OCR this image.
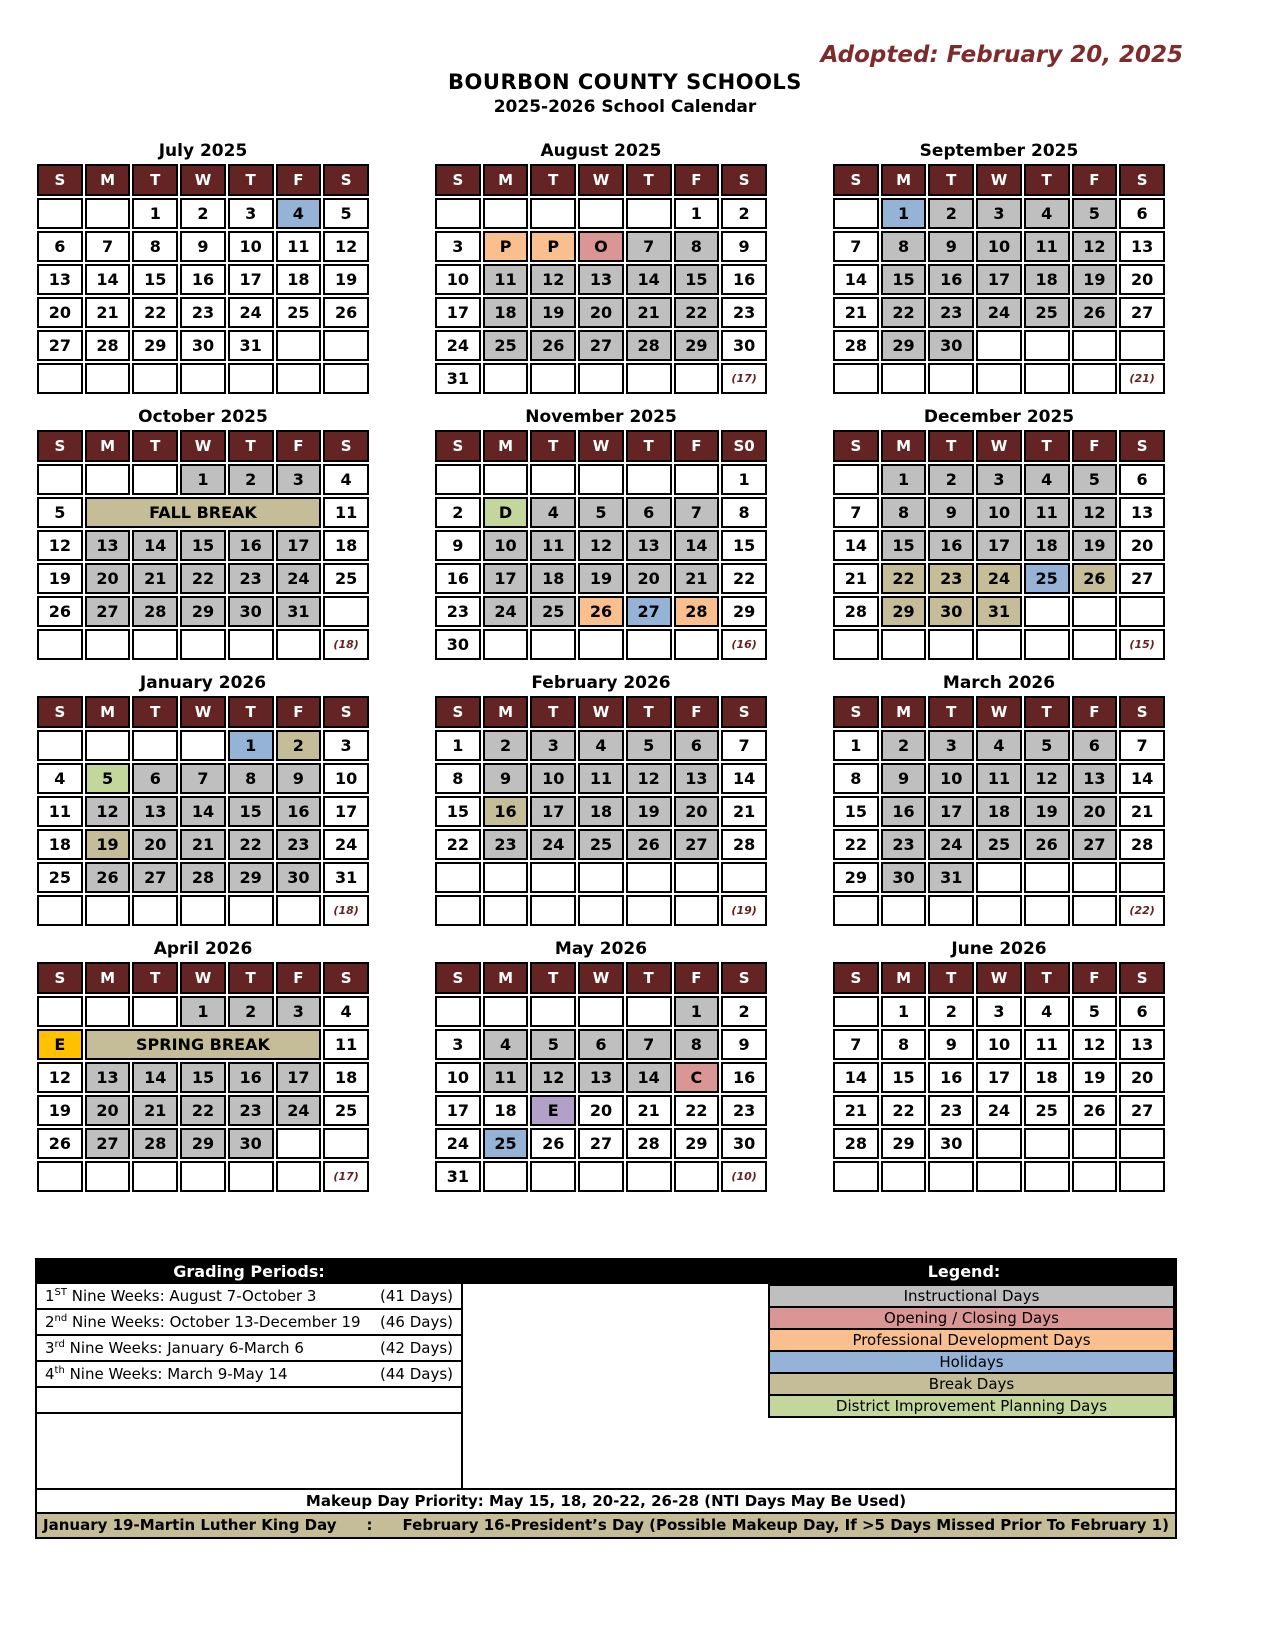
Adopted: February 20, 2025
BOURBON COUNTY SCHOOLS
2025-2026 School Calendar
July 2025
S	M	T	W	T	F	S
		1	2	3	4	5
6	7	8	9	10	11	12
13	14	15	16	17	18	19
20	21	22	23	24	25	26
27	28	29	30	31		

August 2025
S	M	T	W	T	F	S
					1	2
3	P	P	O	7	8	9
10	11	12	13	14	15	16
17	18	19	20	21	22	23
24	25	26	27	28	29	30
31						(17)
September 2025
S	M	T	W	T	F	S
	1	2	3	4	5	6
7	8	9	10	11	12	13
14	15	16	17	18	19	20
21	22	23	24	25	26	27
28	29	30				
						(21)
October 2025
S	M	T	W	T	F	S
			1	2	3	4
5	FALL BREAK					11
12	13	14	15	16	17	18
19	20	21	22	23	24	25
26	27	28	29	30	31	
						(18)
November 2025
S	M	T	W	T	F	S0
						1
2	D	4	5	6	7	8
9	10	11	12	13	14	15
16	17	18	19	20	21	22
23	24	25	26	27	28	29
30						(16)
December 2025
S	M	T	W	T	F	S
	1	2	3	4	5	6
7	8	9	10	11	12	13
14	15	16	17	18	19	20
21	22	23	24	25	26	27
28	29	30	31			
						(15)
January 2026
S	M	T	W	T	F	S
				1	2	3
4	5	6	7	8	9	10
11	12	13	14	15	16	17
18	19	20	21	22	23	24
25	26	27	28	29	30	31
						(18)
February 2026
S	M	T	W	T	F	S
1	2	3	4	5	6	7
8	9	10	11	12	13	14
15	16	17	18	19	20	21
22	23	24	25	26	27	28

						(19)
March 2026
S	M	T	W	T	F	S
1	2	3	4	5	6	7
8	9	10	11	12	13	14
15	16	17	18	19	20	21
22	23	24	25	26	27	28
29	30	31				
						(22)
April 2026
S	M	T	W	T	F	S
			1	2	3	4
E	SPRING BREAK					11
12	13	14	15	16	17	18
19	20	21	22	23	24	25
26	27	28	29	30		
						(17)
May 2026
S	M	T	W	T	F	S
					1	2
3	4	5	6	7	8	9
10	11	12	13	14	C	16
17	18	E	20	21	22	23
24	25	26	27	28	29	30
31						(10)
June 2026
S	M	T	W	T	F	S
	1	2	3	4	5	6
7	8	9	10	11	12	13
14	15	16	17	18	19	20
21	22	23	24	25	26	27
28	29	30				

Grading Periods:	Legend:
1ST Nine Weeks: August 7-October 3	(41 Days)
2nd Nine Weeks: October 13-December 19 (46 Days)
3rd Nine Weeks: January 6-March 6	(42 Days)
4th Nine Weeks: March 9-May 14	(44 Days)
Instructional Days
Opening / Closing Days
Professional Development Days
Holidays
Break Days
District Improvement Planning Days
Makeup Day Priority: May 15, 18, 20-22, 26-28 (NTI Days May Be Used)
January 19-Martin Luther King Day : February 16-President’s Day (Possible Makeup Day, If >5 Days Missed Prior To February 1)
